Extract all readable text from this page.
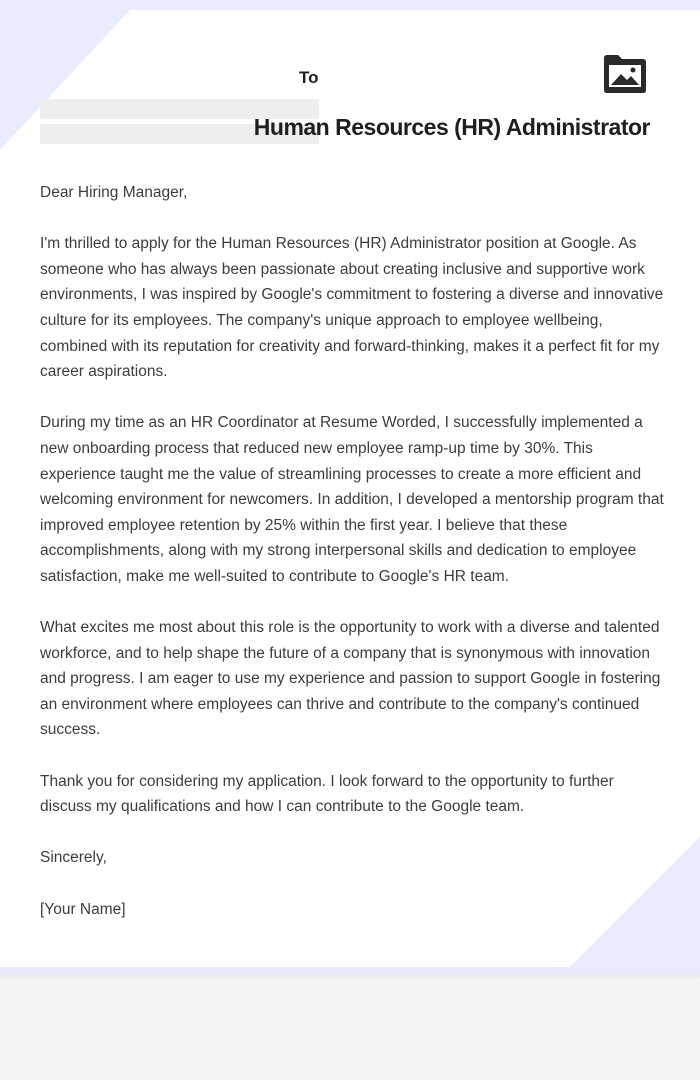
To
Human Resources (HR) Administrator

Dear Hiring Manager,

I'm thrilled to apply for the Human Resources (HR) Administrator position at Google. As someone who has always been passionate about creating inclusive and supportive work environments, I was inspired by Google's commitment to fostering a diverse and innovative culture for its employees. The company's unique approach to employee wellbeing, combined with its reputation for creativity and forward-thinking, makes it a perfect fit for my career aspirations.

During my time as an HR Coordinator at Resume Worded, I successfully implemented a new onboarding process that reduced new employee ramp-up time by 30%. This experience taught me the value of streamlining processes to create a more efficient and welcoming environment for newcomers. In addition, I developed a mentorship program that improved employee retention by 25% within the first year. I believe that these accomplishments, along with my strong interpersonal skills and dedication to employee satisfaction, make me well-suited to contribute to Google's HR team.

What excites me most about this role is the opportunity to work with a diverse and talented workforce, and to help shape the future of a company that is synonymous with innovation and progress. I am eager to use my experience and passion to support Google in fostering an environment where employees can thrive and contribute to the company's continued success.

Thank you for considering my application. I look forward to the opportunity to further discuss my qualifications and how I can contribute to the Google team.

Sincerely,

[Your Name]
